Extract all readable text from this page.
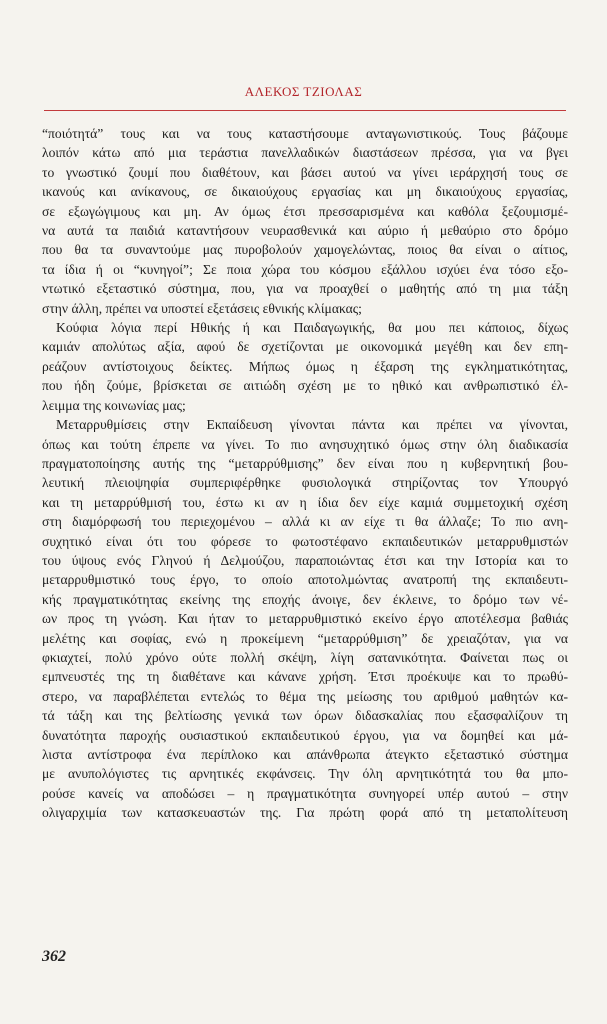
ΑΛΕΚΟΣ ΤΖΙΟΛΑΣ

“ποιότητά” τους και να τους καταστήσουμε ανταγωνιστικούς. Τους βάζουμε

λοιπόν κάτω από μια τεράστια πανελλαδικών διαστάσεων πρέσσα, για να βγει

το γνωστικό ζουμί που διαθέτουν, και βάσει αυτού να γίνει ιεράρχησή τους σε

ικανούς και ανίκανους, σε δικαιούχους εργασίας και μη δικαιούχους εργασίας,

σε εξωγώγιμους και μη. Αν όμως έτσι πρεσσαρισμένα και καθόλα ξεζουμισμέ-

να αυτά τα παιδιά καταντήσουν νευρασθενικά και αύριο ή μεθαύριο στο δρόμο

που θα τα συναντούμε μας πυροβολούν χαμογελώντας, ποιος θα είναι ο αίτιος,

τα ίδια ή οι “κυνηγοί”; Σε ποια χώρα του κόσμου εξάλλου ισχύει ένα τόσο εξο-

ντωτικό εξεταστικό σύστημα, που, για να προαχθεί ο μαθητής από τη μια τάξη

στην άλλη, πρέπει να υποστεί εξετάσεις εθνικής κλίμακας;

Κούφια λόγια περί Ηθικής ή και Παιδαγωγικής, θα μου πει κάποιος, δίχως

καμιάν απολύτως αξία, αφού δε σχετίζονται με οικονομικά μεγέθη και δεν επη-

ρεάζουν αντίστοιχους δείκτες. Μήπως όμως η έξαρση της εγκληματικότητας,

που ήδη ζούμε, βρίσκεται σε αιτιώδη σχέση με το ηθικό και ανθρωπιστικό έλ-

λειμμα της κοινωνίας μας;

Μεταρρυθμίσεις στην Εκπαίδευση γίνονται πάντα και πρέπει να γίνονται,

όπως και τούτη έπρεπε να γίνει. Το πιο ανησυχητικό όμως στην όλη διαδικασία

πραγματοποίησης αυτής της “μεταρρύθμισης” δεν είναι που η κυβερνητική βου-

λευτική πλειοψηφία συμπεριφέρθηκε φυσιολογικά στηρίζοντας τον Υπουργό

και τη μεταρρύθμισή του, έστω κι αν η ίδια δεν είχε καμιά συμμετοχική σχέση

στη διαμόρφωσή του περιεχομένου – αλλά κι αν είχε τι θα άλλαζε; Το πιο ανη-

συχητικό είναι ότι του φόρεσε το φωτοστέφανο εκπαιδευτικών μεταρρυθμιστών

του ύψους ενός Γληνού ή Δελμούζου, παραποιώντας έτσι και την Ιστορία και το

μεταρρυθμιστικό τους έργο, το οποίο αποτολμώντας ανατροπή της εκπαιδευτι-

κής πραγματικότητας εκείνης της εποχής άνοιγε, δεν έκλεινε, το δρόμο των νέ-

ων προς τη γνώση. Και ήταν το μεταρρυθμιστικό εκείνο έργο αποτέλεσμα βαθιάς

μελέτης και σοφίας, ενώ η προκείμενη “μεταρρύθμιση” δε χρειαζόταν, για να

φκιαχτεί, πολύ χρόνο ούτε πολλή σκέψη, λίγη σατανικότητα. Φαίνεται πως οι

εμπνευστές της τη διαθέτανε και κάνανε χρήση. Έτσι προέκυψε και το πρωθύ-

στερο, να παραβλέπεται εντελώς το θέμα της μείωσης του αριθμού μαθητών κα-

τά τάξη και της βελτίωσης γενικά των όρων διδασκαλίας που εξασφαλίζουν τη

δυνατότητα παροχής ουσιαστικού εκπαιδευτικού έργου, για να δομηθεί και μά-

λιστα αντίστροφα ένα περίπλοκο και απάνθρωπα άτεγκτο εξεταστικό σύστημα

με ανυπολόγιστες τις αρνητικές εκφάνσεις. Την όλη αρνητικότητά του θα μπο-

ρούσε κανείς να αποδώσει – η πραγματικότητα συνηγορεί υπέρ αυτού – στην

ολιγαρχιμία των κατασκευαστών της. Για πρώτη φορά από τη μεταπολίτευση

362
